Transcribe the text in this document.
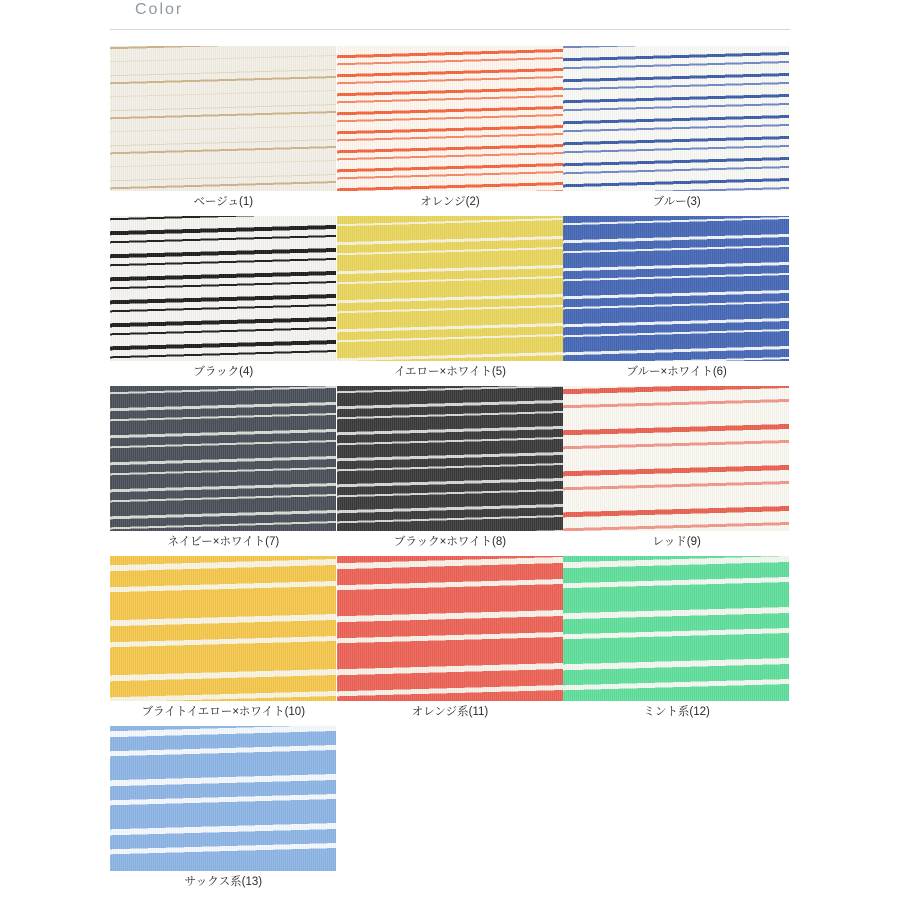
Color
ベージュ(1)	オレンジ(2)	ブルー(3)
ブラック(4)	イエロー×ホワイト(5)	ブルー×ホワイト(6)
ネイビー×ホワイト(7)	ブラック×ホワイト(8)	レッド(9)
ブライトイエロー×ホワイト(10)	オレンジ系(11)	ミント系(12)
サックス系(13)
